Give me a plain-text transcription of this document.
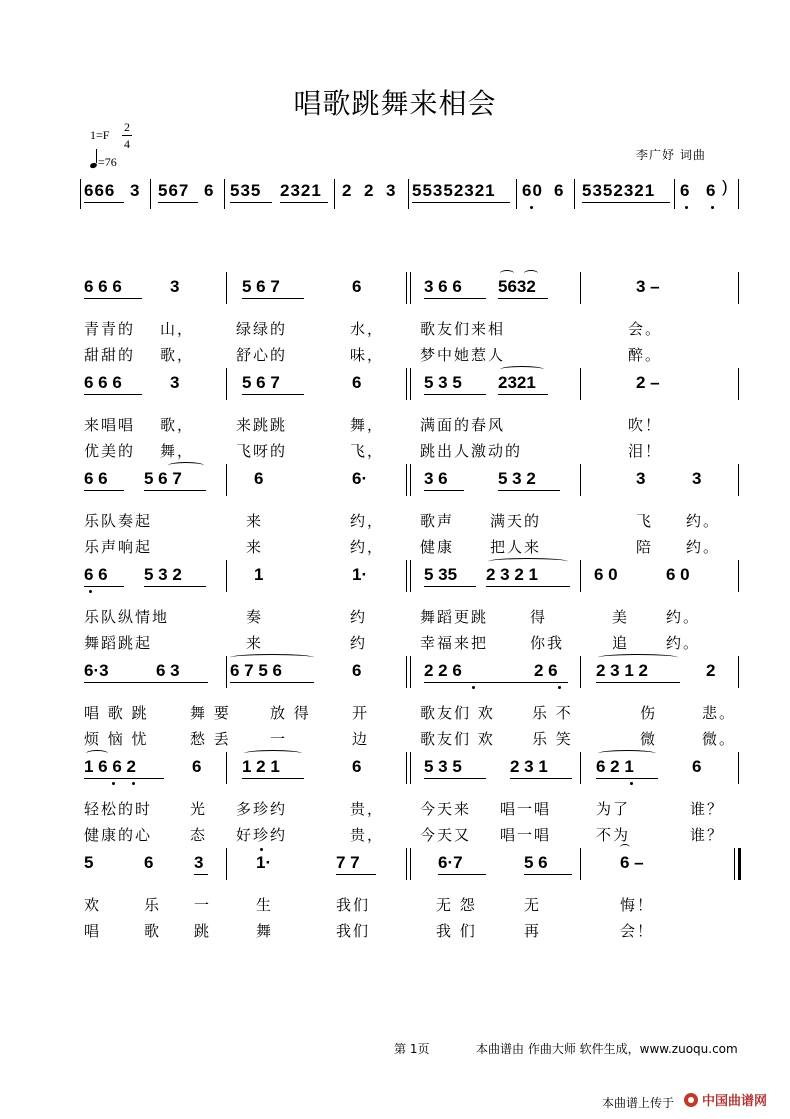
唱歌跳舞来相会
1=F
2
4
=76	李广妤 词曲
666 3 567 6 535 2321 2 2 3 55352321 60 6 5352321 6 6 )
6 6 6	3	5 6 7	6	3 6 6 5632	3 –
青青的 山，	绿绿的	水， 歌友们来相	会。
甜甜的 歌，	舒心的	味， 梦中她惹人	醉。
6 6 6	3	5 6 7	6	5 3 5 2321	2 –
来唱唱 歌，	来跳跳	舞， 满面的春风	吹！
优美的 舞，	飞呀的	飞， 跳出人激动的	泪！
6 6 5 6 7	6	6·	3 6	5 3 2	3	3
乐队奏起	来	约， 歌声 满天的	飞 约。
乐声响起	来	约， 健康 把人来	陪 约。
6 6 5 3 2	1	1·	5 35 2 3 2 1	6 0	6 0
乐队纵情地	奏	约	舞蹈更跳	得	美 约。
舞蹈跳起	来	约	幸福来把	你我	追 约。
6·3	6 3	6 7 5 6	6	2 2 6	2 6 2 3 1 2	2
唱 歌 跳	舞 要	放 得	开	歌友们 欢 乐 不	伤	悲。
烦 恼 忧	愁 丢	一	边	歌友们 欢 乐 笑	微	微。
1 6 6 2	6 1 2 1	6	5 3 5	2 3 1	6 2 1	6
轻松的时	光 多珍约	贵， 今天来 唱一唱	为了	谁？
健康的心	态 好珍约	贵， 今天又 唱一唱	不为	谁？
5	6 3	1·	7 7	6·7	5 6	6 –
欢	乐 一	生	我们	无 怨	无	悔！
唱	歌 跳	舞	我们	我 们	再	会！
第 1页	本曲谱由 作曲大师 软件生成，www.zuoqu.com
本曲谱上传于 中国曲谱网
